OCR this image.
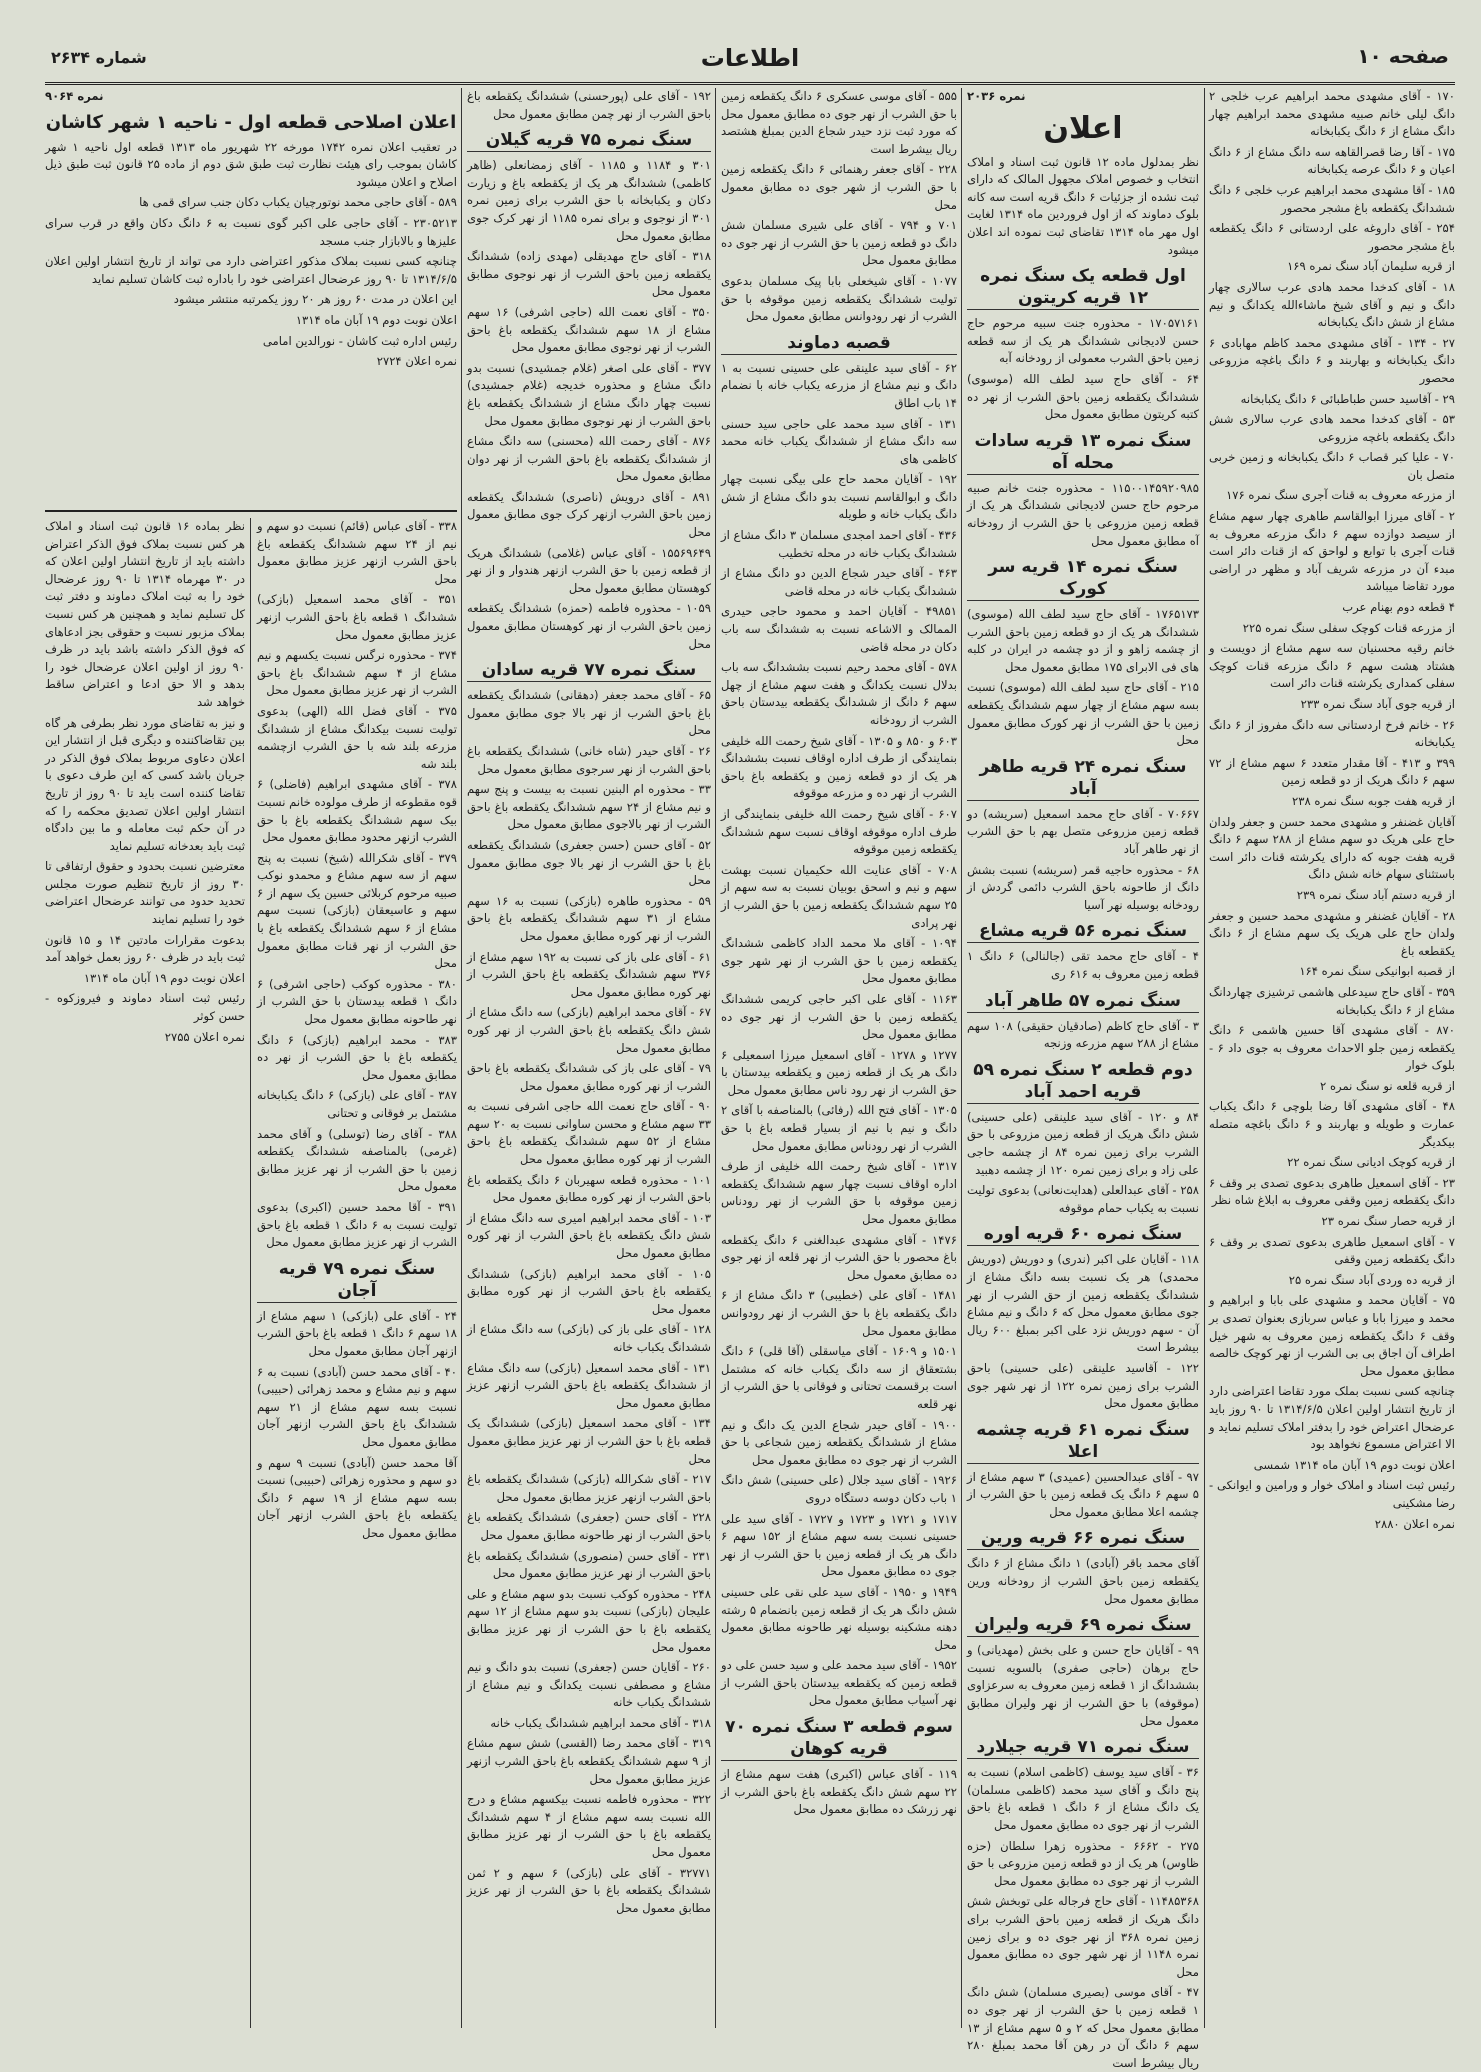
صفحه ۱۰
اطلاعات
شماره ۲۶۳۴

۱۷۰ - آقای مشهدی محمد ابراهیم عرب خلجی ۲ دانگ لیلی خانم صبیه مشهدی محمد ابراهیم چهار دانگ مشاع از ۶ دانگ یکبابخانه

۱۷۵ - آقا رضا قصرالقاهه سه دانگ مشاع از ۶ دانگ اعیان و ۶ دانگ عرصه یکبابخانه

۱۸۵ - آقا مشهدی محمد ابراهیم عرب خلجی ۶ دانگ ششدانگ یکقطعه باغ مشجر محصور

۲۵۴ - آقای داروغه علی اردستانی ۶ دانگ یکقطعه باغ مشجر محصور

از قریه سلیمان آباد سنگ نمره ۱۶۹

۱۸ - آقای کدخدا محمد هادی عرب سالاری چهار دانگ و نیم و آقای شیخ ماشاءالله یکدانگ و نیم مشاع از شش دانگ یکبابخانه

۲۷ - ۱۳۴ - آقای مشهدی محمد کاظم مهابادی ۶ دانگ یکبابخانه و بهاربند و ۶ دانگ باغچه مزروعی محصور

۲۹ - آقاسید حسن طباطبائی ۶ دانگ یکبابخانه

۵۳ - آقای کدخدا محمد هادی عرب سالاری شش دانگ یکقطعه باغچه مزروعی

۷۰ - علیا کبر قصاب ۶ دانگ یکبابخانه و زمین خربی متصل بان

از مزرعه معروف به قنات آجری سنگ نمره ۱۷۶

۲ - آقای میرزا ابوالقاسم طاهری چهار سهم مشاع از سیصد دوازده سهم ۶ دانگ مزرعه معروف به قنات آجری با توابع و لواحق که از قنات دائر است مبدء آن در مزرعه شریف آباد و مظهر در اراضی مورد تقاضا میباشد

۴ قطعه دوم بهنام عرب

از مزرعه قنات کوچک سفلی سنگ نمره ۲۲۵

خانم رقیه محسنیان سه سهم مشاع از دویست و هشتاد هشت سهم ۶ دانگ مزرعه قنات کوچک سفلی کمداری یکرشته قنات دائر است

از قریه جوی آباد سنگ نمره ۲۳۳

۲۶ - خانم فرخ اردستانی سه دانگ مفروز از ۶ دانگ یکبابخانه

۳۹۹ و ۴۱۳ - آقا مقدار متعدد ۶ سهم مشاع از ۷۲ سهم ۶ دانگ هریک از دو قطعه زمین

از قریه هفت جوبه سنگ نمره ۲۳۸

آقایان غضنفر و مشهدی محمد حسن و جعفر ولدان حاج علی هریک دو سهم مشاع از ۲۸۸ سهم ۶ دانگ قریه هفت جوبه که دارای یکرشته قنات دائر است باستثنای سهام خانه شش دانگ

از قریه دستم آباد سنگ نمره ۲۳۹

۲۸ - آقایان غضنفر و مشهدی محمد حسین و جعفر ولدان حاج علی هریک یک سهم مشاع از ۶ دانگ یکقطعه باغ

از قصبه ابوانیکی سنگ نمره ۱۶۴

۳۵۹ - آقای حاج سیدعلی هاشمی ترشیزی چهاردانگ مشاع از ۶ دانگ یکبابخانه

۸۷۰ - آقای مشهدی آقا حسین هاشمی ۶ دانگ یکقطعه زمین جلو الاحداث معروف به جوی داد ۶ - بلوک خوار

از قریه قلعه نو سنگ نمره ۲

۴۸ - آقای مشهدی آقا رضا بلوچی ۶ دانگ یکباب عمارت و طویله و بهاربند و ۶ دانگ باغچه متصله بیکدیگر

از قریه کوچک ادیانی سنگ نمره ۲۲

۲۳ - آقای اسمعیل طاهری بدعوی تصدی بر وقف ۶ دانگ یکقطعه زمین وقفی معروف به ابلاغ شاه نظر

از قریه حصار سنگ نمره ۲۳

۷ - آقای اسمعیل طاهری بدعوی تصدی بر وقف ۶ دانگ یکقطعه زمین وقفی

از قریه ده وردی آباد سنگ نمره ۲۵

۷۵ - آقایان محمد و مشهدی علی بابا و ابراهیم و محمد و میرزا بابا و عباس سربازی بعنوان تصدی بر وقف ۶ دانگ یکقطعه زمین معروف به شهر خیل اطراف آن اجاق بی بی الشرب از نهر کوچک خالصه مطابق معمول محل

چنانچه کسی نسبت بملک مورد تقاضا اعتراضی دارد از تاریخ انتشار اولین اعلان ۱۳۱۴/۶/۵ تا ۹۰ روز باید عرضحال اعتراض خود را بدفتر املاک تسلیم نماید و الا اعتراض مسموع نخواهد بود

اعلان نوبت دوم ۱۹ آبان ماه ۱۳۱۴ شمسی

رئیس ثبت اسناد و املاک خوار و ورامین و ایوانکی - رضا مشکینی

نمره اعلان ۲۸۸۰

نمره ۲۰۳۶

اعلان

نظر بمدلول ماده ۱۲ قانون ثبت اسناد و املاک انتخاب و خصوص املاک مجهول المالک که دارای ثبت نشده از جزئیات ۶ دانگ قریه است سه کانه بلوک دماوند که از اول فروردین ماه ۱۳۱۴ لغایت اول مهر ماه ۱۳۱۴ تقاضای ثبت نموده اند اعلان میشود

اول قطعه یک سنگ نمره ۱۲ قریه کریتون

۱۷۰۵۷۱۶۱ - محذوره جنت سبیه مرحوم حاج حسن لادیجانی ششدانگ هر یک از سه قطعه زمین باحق الشرب معمولی از رودخانه آبه

۶۴ - آقای حاج سید لطف الله (موسوی) ششدانگ یکقطعه زمین باحق الشرب از نهر ده کتبه کریتون مطابق معمول محل

سنگ نمره ۱۳ قریه سادات محله آه

۱۱۵۰۰۱۴۵۹۲۰۹۸۵ - محذوره جنت خانم صبیه مرحوم حاج حسن لادیجانی ششدانگ هر یک از قطعه زمین مزروعی با حق الشرب از رودخانه آه مطابق معمول محل

سنگ نمره ۱۴ قریه سر کورک

۱۷۶۵۱۷۳ - آقای حاج سید لطف الله (موسوی) ششدانگ هر یک از دو قطعه زمین باحق الشرب از چشمه زاهو و از دو چشمه در ایران در کلبه های فی الابرای ۱۷۵ مطابق معمول محل

۲۱۵ - آقای حاج سید لطف الله (موسوی) نسبت بسه سهم مشاع از چهار سهم ششدانگ یکقطعه زمین با حق الشرب از نهر کورک مطابق معمول محل

سنگ نمره ۲۴ قریه طاهر آباد

۷۰۶۶۷ - آقای حاج محمد اسمعیل (سریشه) دو قطعه زمین مزروعی متصل بهم با حق الشرب از نهر طاهر آباد

۶۸ - محذوره حاجیه قمر (سریشه) نسبت بشش دانگ از طاحونه باحق الشرب دائمی گردش از رودخانه بوسیله نهر آسیا

سنگ نمره ۵۶ قریه مشاع

۴ - آقای حاج محمد تقی (جالنالی) ۶ دانگ ۱ قطعه زمین معروف به ۶۱۶ ری

سنگ نمره ۵۷ طاهر آباد

۳ - آقای حاج کاظم (صادقیان حقیقی) ۱۰۸ سهم مشاع از ۲۸۸ سهم مزرعه وزنجه

دوم قطعه ۲ سنگ نمره ۵۹ قریه احمد آباد

۸۴ و ۱۲۰ - آقای سید علینقی (علی حسینی) شش دانگ هریک از قطعه زمین مزروعی با حق الشرب برای زمین نمره ۸۴ از چشمه حاجی علی زاد و برای زمین نمره ۱۲۰ از چشمه دهبید

۲۵۸ - آقای عبدالعلی (هدایت‌نعانی) بدعوی تولیت نسبت به یکباب حمام موقوفه

سنگ نمره ۶۰ قریه اوره

۱۱۸ - آقایان علی اکبر (ندری) و دوریش (دوریش محمدی) هر یک نسبت بسه دانگ مشاع از ششدانگ یکقطعه زمین از حق الشرب از نهر جوی مطابق معمول محل که ۶ دانگ و نیم مشاع آن - سهم دوریش نزد علی اکبر بمبلغ ۶۰۰ ریال بیشرط است

۱۲۲ - آقاسید علینقی (علی حسینی) باحق الشرب برای زمین نمره ۱۲۲ از نهر شهر جوی مطابق معمول محل

سنگ نمره ۶۱ قریه چشمه اعلا

۹۷ - آقای عبدالحسین (عمیدی) ۳ سهم مشاع از ۵ سهم ۶ دانگ یک قطعه زمین با حق الشرب از چشمه اعلا مطابق معمول محل

سنگ نمره ۶۶ قریه ورین

آقای محمد باقر (آبادی) ۱ دانگ مشاع از ۶ دانگ یکقطعه زمین باحق الشرب از رودخانه ورین مطابق معمول محل

سنگ نمره ۶۹ قریه ولیران

۹۹ - آقایان حاج حسن و علی بخش (مهدیانی) و حاج برهان (حاجی صفری) بالسویه نسبت بششدانگ از ۱ قطعه زمین معروف به سرعزاوی (موقوفه) با حق الشرب از نهر ولیران مطابق معمول محل

سنگ نمره ۷۱ قریه جیلارد

۳۶ - آقای سید یوسف (کاظمی اسلام) نسبت به پنج دانگ و آقای سید محمد (کاظمی مسلمان) یک دانگ مشاع از ۶ دانگ ۱ قطعه باغ باحق الشرب از نهر جوی ده مطابق معمول محل

۲۷۵ - ۶۶۶۲ - محذوره زهرا سلطان (حزه ظاوس) هر یک از دو قطعه زمین مزروعی با حق الشرب از نهر جوی ده مطابق معمول محل

۱۱۴۸۵۳۶۸ - آقای حاج فرجاله علی توبخش شش دانگ هریک از قطعه زمین باحق الشرب برای زمین نمره ۳۶۸ از نهر جوی ده و برای زمین نمره ۱۱۴۸ از نهر شهر جوی ده مطابق معمول محل

۴۷ - آقای موسی (بصیری مسلمان) شش دانگ ۱ قطعه زمین با حق الشرب از نهر جوی ده مطابق معمول محل که ۲ و ۵ سهم مشاع از ۱۳ سهم ۶ دانگ آن در رهن آقا محمد بمبلغ ۲۸۰ ریال بیشرط است

۵۵۵ - آقای موسی عسکری ۶ دانگ یکقطعه زمین با حق الشرب از نهر جوی ده مطابق معمول محل که مورد ثبت نزد حیدر شجاع الدین بمبلغ هشتصد ریال بیشرط است

۲۲۸ - آقای جعفر رهنمائی ۶ دانگ یکقطعه زمین با حق الشرب از شهر جوی ده مطابق معمول محل

۷۰۱ و ۷۹۴ - آقای علی شیری مسلمان شش دانگ دو قطعه زمین با حق الشرب از نهر جوی ده مطابق معمول محل

۱۰۷۷ - آقای شیخعلی بابا پیک مسلمان بدعوی تولیت ششدانگ یکقطعه زمین موقوفه با حق الشرب از نهر رودوانس مطابق معمول محل

قصبه دماوند

۶۲ - آقای سید علینقی علی حسینی نسبت به ۱ دانگ و نیم مشاع از مزرعه یکباب خانه با نضمام ۱۴ باب اطاق

۱۳۱ - آقای سید محمد علی حاجی سید حسنی سه دانگ مشاع از ششدانگ یکباب خانه محمد کاظمی های

۱۹۲ - آقایان محمد حاج علی بیگی نسبت چهار دانگ و ابوالقاسم نسبت بدو دانگ مشاع از شش دانگ یکباب خانه و طویله

۴۳۶ - آقای احمد امجدی مسلمان ۳ دانگ مشاع از ششدانگ یکباب خانه در محله تخطیب

۴۶۳ - آقای حیدر شجاع الدین دو دانگ مشاع از ششدانگ یکباب خانه در محله قاضی

۴۹۸۵۱ - آقایان احمد و محمود حاجی حیدری الممالک و الاشاعه نسبت به ششدانگ سه باب دکان در محله قاضی

۵۷۸ - آقای محمد رحیم نسبت بششدانگ سه باب بدلال نسبت یکدانگ و هفت سهم مشاع از چهل سهم ۶ دانگ از ششدانگ یکقطعه بیدستان باحق الشرب از رودخانه

۶۰۳ و ۸۵۰ و ۱۳۰۵ - آقای شیخ رحمت الله خلیفی بنمایندگی از طرف اداره اوقاف نسبت بششدانگ هر یک از دو قطعه زمین و یکقطعه باغ باحق الشرب از نهر ده و مزرعه موقوفه

۶۰۷ - آقای شیخ رحمت الله خلیفی بنمایندگی از طرف اداره موقوفه اوقاف نسبت سهم ششدانگ یکقطعه زمین موقوفه

۷۰۸ - آقای عنایت الله حکیمیان نسبت بهشت سهم و نیم و اسحق بوبیان نسبت به سه سهم از ۲۵ سهم ششدانگ یکقطعه زمین با حق الشرب از نهر پرادی

۱۰۹۴ - آقای ملا محمد الداد کاظمی ششدانگ یکقطعه زمین با حق الشرب از نهر شهر جوی مطابق معمول محل

۱۱۶۳ - آقای علی اکبر حاجی کریمی ششدانگ یکقطعه زمین با حق الشرب از نهر جوی ده مطابق معمول محل

۱۲۷۷ و ۱۲۷۸ - آقای اسمعیل میرزا اسمعیلی ۶ دانگ هر یک از قطعه زمین و یکقطعه بیدستان با حق الشرب از نهر رود ناس مطابق معمول محل

۱۳۰۵ - آقای فتح الله (رفائی) بالمناصفه با آقای ۲ دانگ و نیم با نیم از بسیار قطعه باغ با حق الشرب از نهر رودناس مطابق معمول محل

۱۳۱۷ - آقای شیخ رحمت الله خلیفی از طرف اداره اوقاف نسبت چهار سهم ششدانگ یکقطعه زمین موقوفه با حق الشرب از نهر رودناس مطابق معمول محل

۱۴۷۶ - آقای مشهدی عبدالغنی ۶ دانگ یکقطعه باغ محصور با حق الشرب از نهر قلعه از نهر جوی ده مطابق معمول محل

۱۴۸۱ - آقای علی (خطیبی) ۳ دانگ مشاع از ۶ دانگ یکقطعه باغ با حق الشرب از نهر رودوانس مطابق معمول محل

۱۵۰۱ و ۱۶۰۹ - آقای میاسقلی (آقا قلی) ۶ دانگ بشتعقاق از سه دانگ یکباب خانه که مشتمل است برقسمت تحتانی و فوقانی با حق الشرب از نهر قلعه

۱۹۰۰ - آقای حیدر شجاع الدین یک دانگ و نیم مشاع از ششدانگ یکقطعه زمین شجاعی با حق الشرب از نهر جوی ده مطابق معمول محل

۱۹۲۶ - آقای سید جلال (علی حسینی) شش دانگ ۱ باب دکان دوسه دستگاه دروی

۱۷۱۷ و ۱۷۲۱ و ۱۷۲۳ و ۱۷۲۷ - آقای سید علی حسینی نسبت بسه سهم مشاع از ۱۵۲ سهم ۶ دانگ هر یک از قطعه زمین با حق الشرب از نهر جوی ده مطابق معمول محل

۱۹۴۹ و ۱۹۵۰ - آقای سید علی نقی علی حسینی شش دانگ هر یک از قطعه زمین بانضمام ۵ رشته دهنه مشکینه بوسیله نهر طاحونه مطابق معمول محل

۱۹۵۲ - آقای سید محمد علی و سید حسن علی دو قطعه زمین که یکقطعه بیدستان باحق الشرب از نهر آسیاب مطابق معمول محل

سوم قطعه ۳ سنگ نمره ۷۰ قریه کوهان

۱۱۹ - آقای عباس (اکبری) هفت سهم مشاع از ۲۲ سهم شش دانگ یکقطعه باغ باحق الشرب از نهر زرشک ده مطابق معمول محل

۱۹۲ - آقای علی (پورحسنی) ششدانگ یکقطعه باغ باحق الشرب از نهر چمن مطابق معمول محل

سنگ نمره ۷۵ قریه گیلان

۳۰۱ و ۱۱۸۴ و ۱۱۸۵ - آقای زمضانعلی (ظاهر کاظمی) ششدانگ هر یک از یکقطعه باغ و زیارت دکان و یکبابخانه با حق الشرب برای زمین نمره ۳۰۱ از نوجوی و برای نمره ۱۱۸۵ از نهر کرک جوی مطابق معمول محل

۳۱۸ - آقای حاج مهدیقلی (مهدی زاده) ششدانگ یکقطعه زمین باحق الشرب از نهر نوجوی مطابق معمول محل

۳۵۰ - آقای نعمت الله (حاجی اشرفی) ۱۶ سهم مشاع از ۱۸ سهم ششدانگ یکقطعه باغ باحق الشرب از نهر نوجوی مطابق معمول محل

۳۷۷ - آقای علی اصغر (غلام جمشیدی) نسبت بدو دانگ مشاع و محذوره خدیجه (غلام جمشیدی) نسبت چهار دانگ مشاع از ششدانگ یکقطعه باغ باحق الشرب از نهر نوجوی مطابق معمول محل

۸۷۶ - آقای رحمت الله (محسنی) سه دانگ مشاع از ششدانگ یکقطعه باغ باحق الشرب از نهر دوان مطابق معمول محل

۸۹۱ - آقای درویش (ناصری) ششدانگ یکقطعه زمین باحق الشرب ازنهر کرک جوی مطابق معمول محل

۱۵۵۶۹۶۴۹ - آقای عباس (غلامی) ششدانگ هریک از قطعه زمین با حق الشرب ازنهر هندوار و از نهر کوهستان مطابق معمول محل

۱۰۵۹ - محذوره فاطمه (حمزه) ششدانگ یکقطعه زمین باحق الشرب از نهر کوهستان مطابق معمول محل

سنگ نمره ۷۷ قریه سادان

۶۵ - آقای محمد جعفر (دهقانی) ششدانگ یکقطعه باغ باحق الشرب از نهر بالا جوی مطابق معمول محل

۲۶ - آقای حیدر (شاه خانی) ششدانگ یکقطعه باغ باحق الشرب از نهر سرجوی مطابق معمول محل

۳۳ - محذوره ام البنین نسبت به بیست و پنج سهم و نیم مشاع از ۲۴ سهم ششدانگ یکقطعه باغ باحق الشرب از نهر بالاجوی مطابق معمول محل

۵۲ - آقای حسن (حسن جعفری) ششدانگ یکقطعه باغ با حق الشرب از نهر بالا جوی مطابق معمول محل

۵۹ - محذوره طاهره (بازکی) نسبت به ۱۶ سهم مشاع از ۳۱ سهم ششدانگ یکقطعه باغ باحق الشرب از نهر کوره مطابق معمول محل

۶۱ - آقای علی باز کی نسبت به ۱۹۲ سهم مشاع از ۳۷۶ سهم ششدانگ یکقطعه باغ باحق الشرب از نهر کوره مطابق معمول محل

۶۷ - آقای محمد ابراهیم (بازکی) سه دانگ مشاع از شش دانگ یکقطعه باغ باحق الشرب از نهر کوره مطابق معمول محل

۷۹ - آقای علی باز کی ششدانگ یکقطعه باغ باحق الشرب از نهر کوره مطابق معمول محل

۹۰ - آقای حاج نعمت الله حاجی اشرفی نسبت به ۳۳ سهم مشاع و محسن ساوانی نسبت به ۲۰ سهم مشاع از ۵۲ سهم ششدانگ یکقطعه باغ باحق الشرب از نهر کوره مطابق معمول محل

۱۰۱ - محذوره قطعه سهیربان ۶ دانگ یکقطعه باغ باحق الشرب از نهر کوره مطابق معمول محل

۱۰۳ - آقای محمد ابراهیم امیری سه دانگ مشاع از شش دانگ یکقطعه باغ باحق الشرب از نهر کوره مطابق معمول محل

۱۰۵ - آقای محمد ابراهیم (بازکی) ششدانگ یکقطعه باغ باحق الشرب از نهر کوره مطابق معمول محل

۱۲۸ - آقای علی باز کی (بازکی) سه دانگ مشاع از ششدانگ یکباب خانه

۱۳۱ - آقای محمد اسمعیل (بازکی) سه دانگ مشاع از ششدانگ یکقطعه باغ باحق الشرب ازنهر عزیز مطابق معمول محل

۱۳۴ - آقای محمد اسمعیل (بازکی) ششدانگ یک قطعه باغ با حق الشرب از نهر عزیز مطابق معمول محل

۲۱۷ - آقای شکرالله (بازکی) ششدانگ یکقطعه باغ باحق الشرب ازنهر عزیز مطابق معمول محل

۲۲۸ - آقای حسن (جعفری) ششدانگ یکقطعه باغ باحق الشرب از نهر طاحونه مطابق معمول محل

۲۳۱ - آقای حسن (منصوری) ششدانگ یکقطعه باغ باحق الشرب از نهر عزیز مطابق معمول محل

۲۴۸ - محذوره کوکب نسبت بدو سهم مشاع و علی علیجان (بازکی) نسبت بدو سهم مشاع از ۱۲ سهم یکقطعه باغ با حق الشرب از نهر عزیز مطابق معمول محل

۲۶۰ - آقایان حسن (جعفری) نسبت بدو دانگ و نیم مشاع و مصطفی نسبت یکدانگ و نیم مشاع از ششدانگ یکباب خانه

۳۱۸ - آقای محمد ابراهیم ششدانگ یکباب خانه

۳۱۹ - آقای محمد رضا (القسی) شش سهم مشاع از ۹ سهم ششدانگ یکقطعه باغ باحق الشرب ازنهر عزیز مطابق معمول محل

۳۲۲ - محذوره فاطمه نسبت بیکسهم مشاع و درج الله نسبت بسه سهم مشاع از ۴ سهم ششدانگ یکقطعه باغ با حق الشرب از نهر عزیز مطابق معمول محل

۳۲۷۷۱ - آقای علی (بازکی) ۶ سهم و ۲ ثمن ششدانگ یکقطعه باغ با حق الشرب از نهر عزیز مطابق معمول محل

نمره ۹۰۶۴

اعلان اصلاحی قطعه اول - ناحیه ۱ شهر کاشان

در تعقیب اعلان نمره ۱۷۴۲ مورخه ۲۲ شهریور ماه ۱۳۱۳ قطعه اول ناحیه ۱ شهر کاشان بموجب رای هیئت نظارت ثبت طبق شق دوم از ماده ۲۵ قانون ثبت طبق ذیل اصلاح و اعلان میشود

۵۸۹ - آقای حاجی محمد نوتورچیان یکباب دکان جنب سرای قمی ها

۲۳۰۵۲۱۳ - آقای حاجی علی اکبر گوی نسبت به ۶ دانگ دکان واقع در قرب سرای علیزها و بالابازار جنب مسجد

چنانچه کسی نسبت بملاک مذکور اعتراضی دارد می تواند از تاریخ انتشار اولین اعلان ۱۳۱۴/۶/۵ تا ۹۰ روز عرضحال اعتراضی خود را باداره ثبت کاشان تسلیم نماید

این اعلان در مدت ۶۰ روز هر ۲۰ روز یکمرتبه منتشر میشود

اعلان نوبت دوم ۱۹ آبان ماه ۱۳۱۴

رئیس اداره ثبت کاشان - نورالدین امامی

نمره اعلان ۲۷۲۴

۳۳۸ - آقای عباس (قائم) نسبت دو سهم و نیم از ۲۴ سهم ششدانگ یکقطعه باغ باحق الشرب ازنهر عزیز مطابق معمول محل

۳۵۱ - آقای محمد اسمعیل (بازکی) ششدانگ ۱ قطعه باغ باحق الشرب ازنهر عزیز مطابق معمول محل

۳۷۴ - محذوره نرگس نسبت یکسهم و نیم مشاع از ۴ سهم ششدانگ باغ باحق الشرب از نهر عزیز مطابق معمول محل

۳۷۵ - آقای فضل الله (الهی) بدعوی تولیت نسبت بیکدانگ مشاع از ششدانگ مزرعه بلند شه با حق الشرب ازچشمه بلند شه

۳۷۸ - آقای مشهدی ابراهیم (فاضلی) ۶ قوه مقطوعه از طرف مولوده خانم نسبت بیک سهم ششدانگ یکقطعه باغ با حق الشرب ازنهر محدود مطابق معمول محل

۳۷۹ - آقای شکرالله (شیخ) نسبت به پنج سهم از سه سهم مشاع و محمدو نوکب صبیه مرحوم کربلائی حسین یک سهم از ۶ سهم و عاسیعقان (بازکی) نسبت سهم مشاع از ۶ سهم ششدانگ یکقطعه باغ با حق الشرب از نهر قنات مطابق معمول محل

۳۸۰ - محذوره کوکب (حاجی اشرفی) ۶ دانگ ۱ قطعه بیدستان با حق الشرب از نهر طاحونه مطابق معمول محل

۳۸۳ - محمد ابراهیم (بازکی) ۶ دانگ یکقطعه باغ با حق الشرب از نهر ده مطابق معمول محل

۳۸۷ - آقای علی (بازکی) ۶ دانگ یکبابخانه مشتمل بر فوقانی و تحتانی

۳۸۸ - آقای رضا (توسلی) و آقای محمد (غرمی) بالمناصفه ششدانگ یکقطعه زمین با حق الشرب از نهر عزیز مطابق معمول محل

۳۹۱ - آقا محمد حسین (اکبری) بدعوی تولیت نسبت به ۶ دانگ ۱ قطعه باغ باحق الشرب از نهر عزیز مطابق معمول محل

سنگ نمره ۷۹ قریه آجان

۲۴ - آقای علی (بازکی) ۱ سهم مشاع از ۱۸ سهم ۶ دانگ ۱ قطعه باغ باحق الشرب ازنهر آجان مطابق معمول محل

۴۰ - آقای محمد حسن (آبادی) نسبت به ۶ سهم و نیم مشاع و محمد زهرائی (حبیبی) نسبت بسه سهم مشاع از ۲۱ سهم ششدانگ باغ باحق الشرب ازنهر آجان مطابق معمول محل

آقا محمد حسن (آبادی) نسبت ۹ سهم و دو سهم و محذوره زهرائی (حبیبی) نسبت بسه سهم مشاع از ۱۹ سهم ۶ دانگ یکقطعه باغ باحق الشرب ازنهر آجان مطابق معمول محل

نظر بماده ۱۶ قانون ثبت اسناد و املاک هر کس نسبت بملاک فوق الذکر اعتراض داشته باید از تاریخ انتشار اولین اعلان که در ۳۰ مهرماه ۱۳۱۴ تا ۹۰ روز عرضحال خود را به ثبت املاک دماوند و دفتر ثبت کل تسلیم نماید و همچنین هر کس نسبت بملاک مزبور نسبت و حقوقی بجز ادعاهای که فوق الذکر داشته باشد باید در ظرف ۹۰ روز از اولین اعلان عرضحال خود را بدهد و الا حق ادعا و اعتراض ساقط خواهد شد

و نیز به تقاضای مورد نظر بطرفی هر گاه بین تقاضاکننده و دیگری قبل از انتشار این اعلان دعاوی مربوط بملاک فوق الذکر در جریان باشد کسی که این طرف دعوی با تقاضا کننده است باید تا ۹۰ روز از تاریخ انتشار اولین اعلان تصدیق محکمه را که در آن حکم ثبت معامله و ما بین دادگاه ثبت باید بعدخانه تسلیم نماید

معترضین نسبت بحدود و حقوق ارتفاقی تا ۳۰ روز از تاریخ تنظیم صورت مجلس تحدید حدود می توانند عرضحال اعتراضی خود را تسلیم نمایند

بدعوت مقرارات مادتین ۱۴ و ۱۵ قانون ثبت باید در ظرف ۶۰ روز بعمل خواهد آمد

اعلان نوبت دوم ۱۹ آبان ماه ۱۳۱۴

رئیس ثبت اسناد دماوند و فیروزکوه - حسن کوثر

نمره اعلان ۲۷۵۵
